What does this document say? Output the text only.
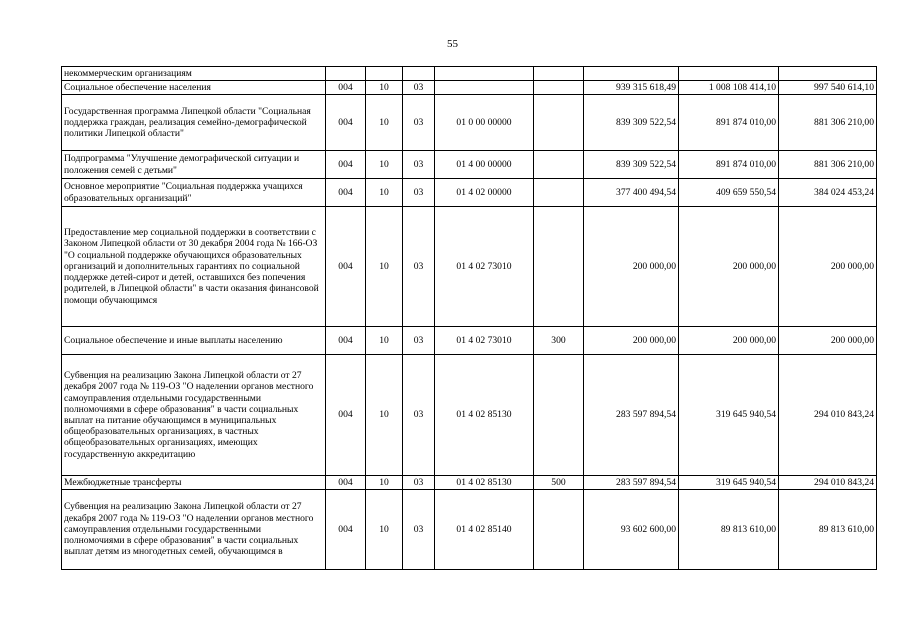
55
некоммерческим организациям								
Социальное обеспечение населения	004	10	03			939 315 618,49	1 008 108 414,10	997 540 614,10
Государственная программа Липецкой области "Социальная поддержка граждан, реализация семейно-демографической политики Липецкой области"	004	10	03	01 0 00 00000		839 309 522,54	891 874 010,00	881 306 210,00
Подпрограмма "Улучшение демографической ситуации и положения семей с детьми"	004	10	03	01 4 00 00000		839 309 522,54	891 874 010,00	881 306 210,00
Основное мероприятие "Социальная поддержка учащихся образовательных организаций"	004	10	03	01 4 02 00000		377 400 494,54	409 659 550,54	384 024 453,24
Предоставление мер социальной поддержки в соответствии с Законом Липецкой области от 30 декабря 2004 года № 166-ОЗ "О социальной поддержке обучающихся образовательных организаций и дополнительных гарантиях по социальной поддержке детей-сирот и детей, оставшихся без попечения родителей, в Липецкой области" в части оказания финансовой помощи обучающимся	004	10	03	01 4 02 73010		200 000,00	200 000,00	200 000,00
Социальное обеспечение и иные выплаты населению	004	10	03	01 4 02 73010	300	200 000,00	200 000,00	200 000,00
Субвенция на реализацию Закона Липецкой области от 27 декабря 2007 года № 119-ОЗ "О наделении органов местного самоуправления отдельными государственными полномочиями в сфере образования" в части социальных выплат на питание обучающимся в муниципальных общеобразовательных организациях, в частных общеобразовательных организациях, имеющих государственную аккредитацию	004	10	03	01 4 02 85130		283 597 894,54	319 645 940,54	294 010 843,24
Межбюджетные трансферты	004	10	03	01 4 02 85130	500	283 597 894,54	319 645 940,54	294 010 843,24
Субвенция на реализацию Закона Липецкой области от 27 декабря 2007 года № 119-ОЗ "О наделении органов местного самоуправления отдельными государственными полномочиями в сфере образования" в части социальных выплат детям из многодетных семей, обучающимся в	004	10	03	01 4 02 85140		93 602 600,00	89 813 610,00	89 813 610,00
